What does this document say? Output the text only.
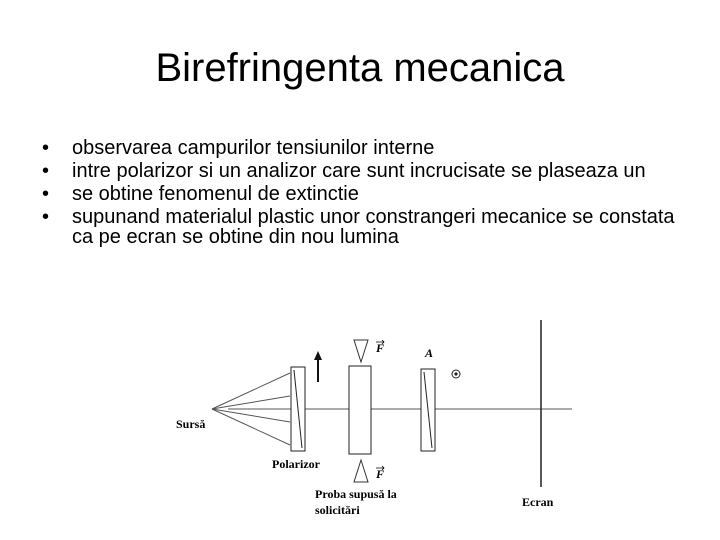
Birefringenta mecanica
• observarea campurilor tensiunilor interne
• intre polarizor si un analizor care sunt incrucisate se plaseaza un
• se obtine fenomenul de extinctie
• supunand materialul plastic unor constrangeri mecanice se constata ca pe ecran se obtine din nou lumina
Sursă
Polarizor
Proba supusă la
solicitări
Ecran
F
F
A
